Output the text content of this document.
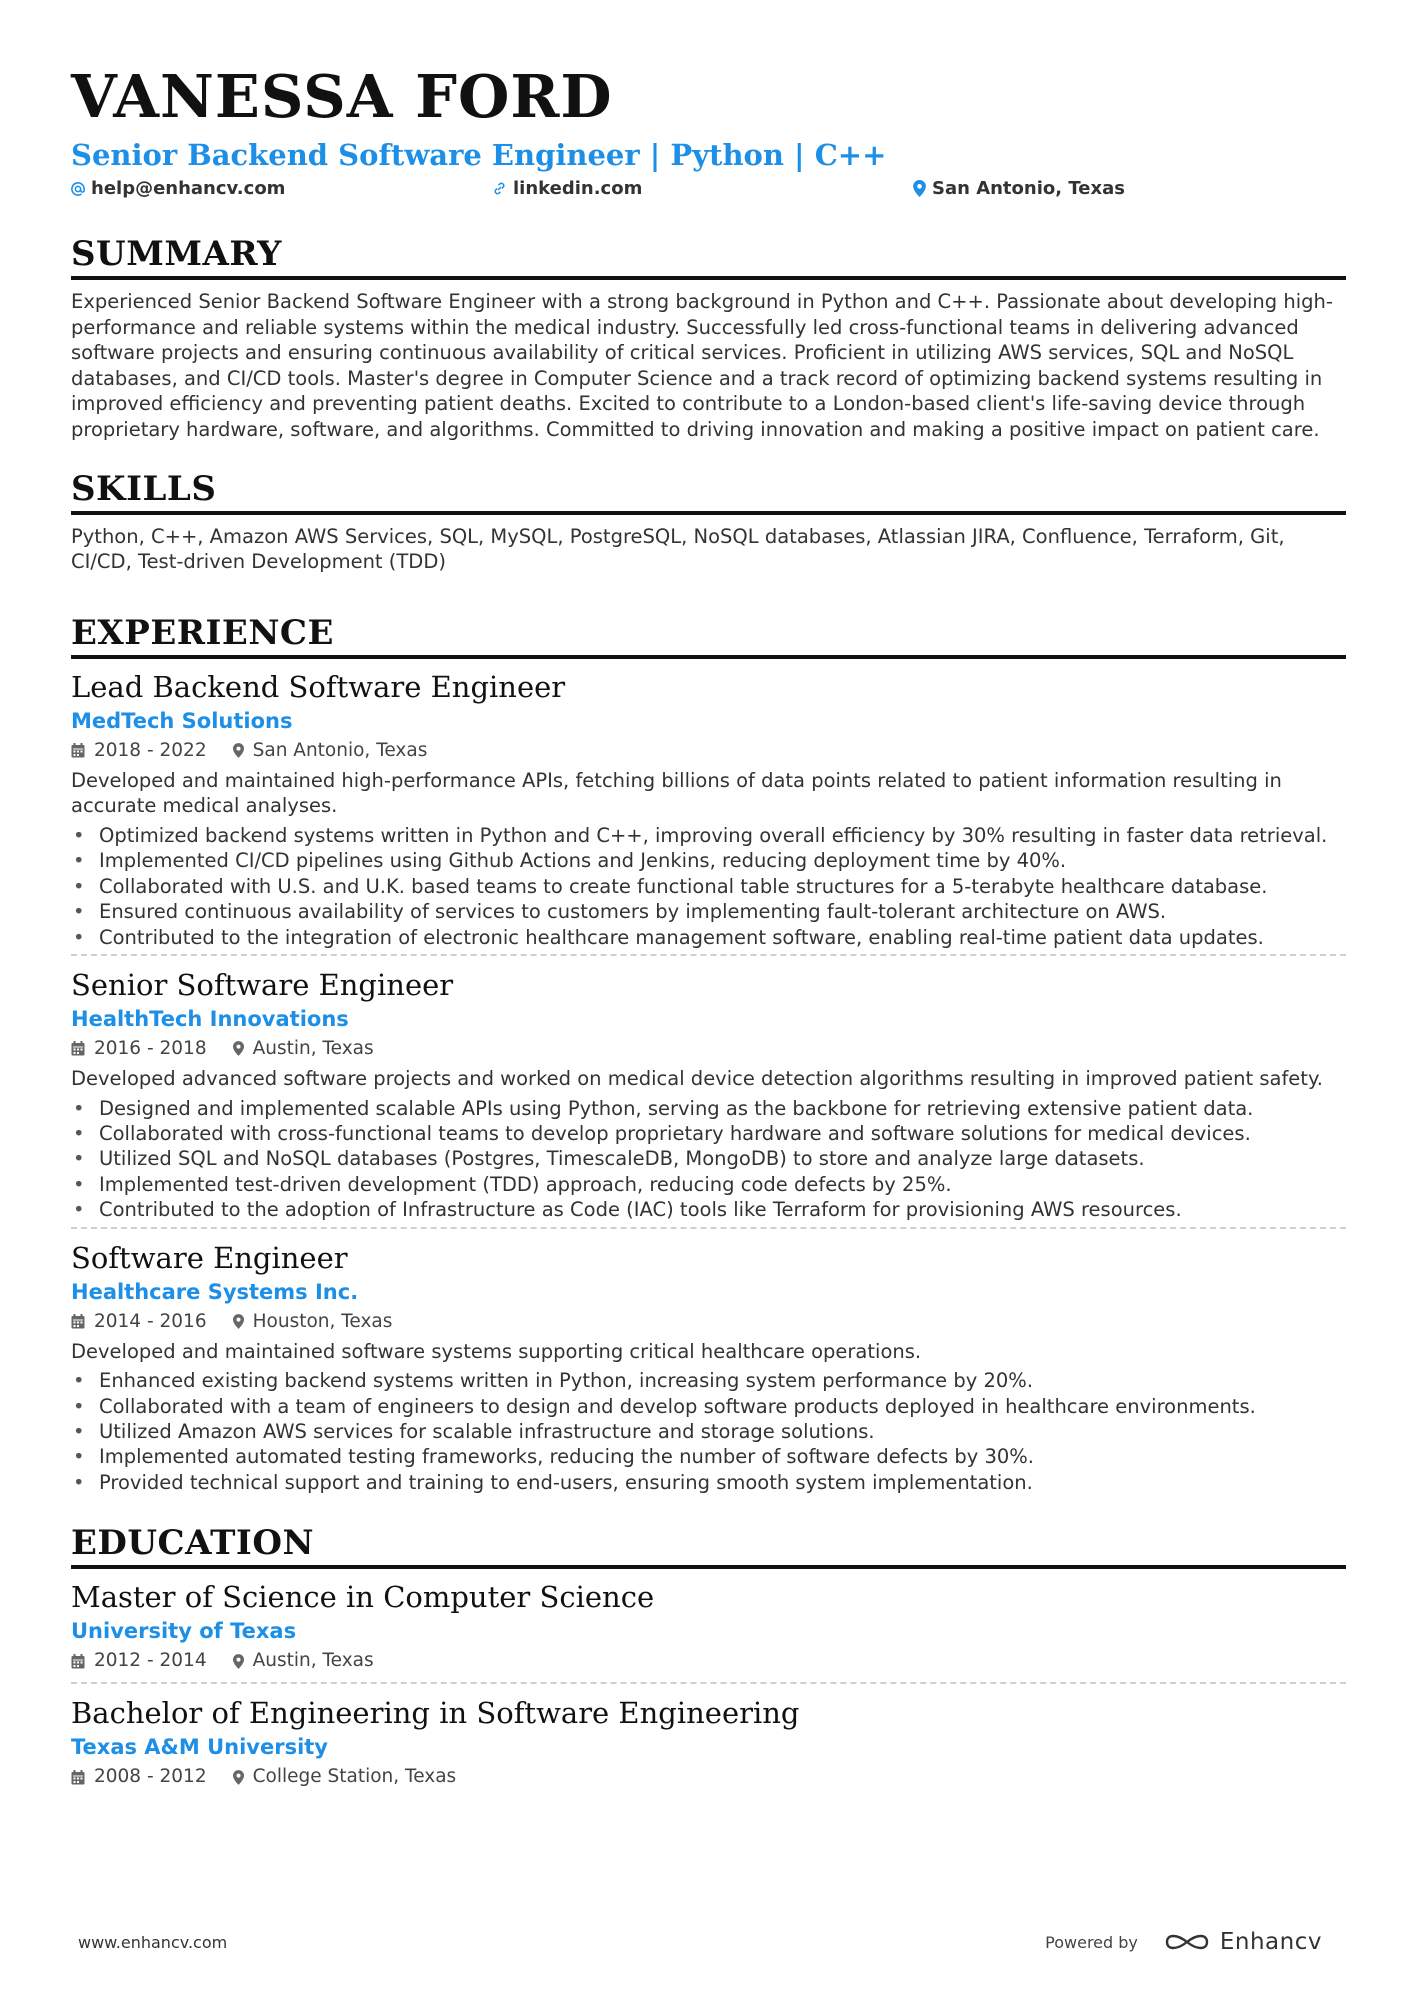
VANESSA FORD
Senior Backend Software Engineer | Python | C++
help@enhancv.com	linkedin.com	San Antonio, Texas
SUMMARY
Experienced Senior Backend Software Engineer with a strong background in Python and C++. Passionate about developing high-performance and reliable systems within the medical industry. Successfully led cross-functional teams in delivering advanced software projects and ensuring continuous availability of critical services. Proficient in utilizing AWS services, SQL and NoSQL databases, and CI/CD tools. Master's degree in Computer Science and a track record of optimizing backend systems resulting in improved efficiency and preventing patient deaths. Excited to contribute to a London-based client's life-saving device through proprietary hardware, software, and algorithms. Committed to driving innovation and making a positive impact on patient care.
SKILLS
Python, C++, Amazon AWS Services, SQL, MySQL, PostgreSQL, NoSQL databases, Atlassian JIRA, Confluence, Terraform, Git, CI/CD, Test-driven Development (TDD)
EXPERIENCE
Lead Backend Software Engineer
MedTech Solutions
2018 - 2022 San Antonio, Texas
Developed and maintained high-performance APIs, fetching billions of data points related to patient information resulting in accurate medical analyses.
• Optimized backend systems written in Python and C++, improving overall efficiency by 30% resulting in faster data retrieval.
• Implemented CI/CD pipelines using Github Actions and Jenkins, reducing deployment time by 40%.
• Collaborated with U.S. and U.K. based teams to create functional table structures for a 5-terabyte healthcare database.
• Ensured continuous availability of services to customers by implementing fault-tolerant architecture on AWS.
• Contributed to the integration of electronic healthcare management software, enabling real-time patient data updates.
Senior Software Engineer
HealthTech Innovations
2016 - 2018 Austin, Texas
Developed advanced software projects and worked on medical device detection algorithms resulting in improved patient safety.
• Designed and implemented scalable APIs using Python, serving as the backbone for retrieving extensive patient data.
• Collaborated with cross-functional teams to develop proprietary hardware and software solutions for medical devices.
• Utilized SQL and NoSQL databases (Postgres, TimescaleDB, MongoDB) to store and analyze large datasets.
• Implemented test-driven development (TDD) approach, reducing code defects by 25%.
• Contributed to the adoption of Infrastructure as Code (IAC) tools like Terraform for provisioning AWS resources.
Software Engineer
Healthcare Systems Inc.
2014 - 2016 Houston, Texas
Developed and maintained software systems supporting critical healthcare operations.
• Enhanced existing backend systems written in Python, increasing system performance by 20%.
• Collaborated with a team of engineers to design and develop software products deployed in healthcare environments.
• Utilized Amazon AWS services for scalable infrastructure and storage solutions.
• Implemented automated testing frameworks, reducing the number of software defects by 30%.
• Provided technical support and training to end-users, ensuring smooth system implementation.
EDUCATION
Master of Science in Computer Science
University of Texas
2012 - 2014 Austin, Texas
Bachelor of Engineering in Software Engineering
Texas A&M University
2008 - 2012 College Station, Texas
www.enhancv.com	Powered by	Enhancv
